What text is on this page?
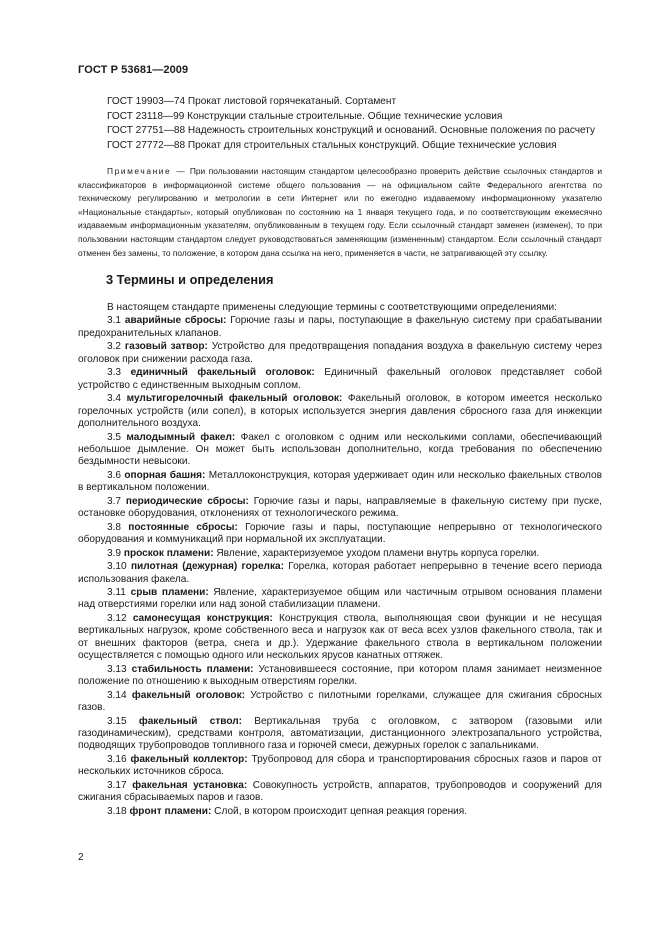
ГОСТ Р 53681—2009
ГОСТ 19903—74 Прокат листовой горячекатаный. Сортамент
ГОСТ 23118—99 Конструкции стальные строительные. Общие технические условия
ГОСТ 27751—88 Надежность строительных конструкций и оснований. Основные положения по расчету
ГОСТ 27772—88 Прокат для строительных стальных конструкций. Общие технические условия
Примечание — При пользовании настоящим стандартом целесообразно проверить действие ссылочных стандартов и классификаторов в информационной системе общего пользования — на официальном сайте Федерального агентства по техническому регулированию и метрологии в сети Интернет или по ежегодно издаваемому информационному указателю «Национальные стандарты», который опубликован по состоянию на 1 января текущего года, и по соответствующим ежемесячно издаваемым информационным указателям, опубликованным в текущем году. Если ссылочный стандарт заменен (изменен), то при пользовании настоящим стандартом следует руководствоваться заменяющим (измененным) стандартом. Если ссылочный стандарт отменен без замены, то положение, в котором дана ссылка на него, применяется в части, не затрагивающей эту ссылку.
3 Термины и определения

В настоящем стандарте применены следующие термины с соответствующими определениями:

3.1 аварийные сбросы: Горючие газы и пары, поступающие в факельную систему при срабатывании предохранительных клапанов.

3.2 газовый затвор: Устройство для предотвращения попадания воздуха в факельную систему через оголовок при снижении расхода газа.

3.3 единичный факельный оголовок: Единичный факельный оголовок представляет собой устройство с единственным выходным соплом.

3.4 мультигорелочный факельный оголовок: Факельный оголовок, в котором имеется несколько горелочных устройств (или сопел), в которых используется энергия давления сбросного газа для инжекции дополнительного воздуха.

3.5 малодымный факел: Факел с оголовком с одним или несколькими соплами, обеспечивающий небольшое дымление. Он может быть использован дополнительно, когда требования по обеспечению бездымности невысоки.

3.6 опорная башня: Металлоконструкция, которая удерживает один или несколько факельных стволов в вертикальном положении.

3.7 периодические сбросы: Горючие газы и пары, направляемые в факельную систему при пуске, остановке оборудования, отклонениях от технологического режима.

3.8 постоянные сбросы: Горючие газы и пары, поступающие непрерывно от технологического оборудования и коммуникаций при нормальной их эксплуатации.

3.9 проскок пламени: Явление, характеризуемое уходом пламени внутрь корпуса горелки.

3.10 пилотная (дежурная) горелка: Горелка, которая работает непрерывно в течение всего периода использования факела.

3.11 срыв пламени: Явление, характеризуемое общим или частичным отрывом основания пламени над отверстиями горелки или над зоной стабилизации пламени.

3.12 самонесущая конструкция: Конструкция ствола, выполняющая свои функции и не несущая вертикальных нагрузок, кроме собственного веса и нагрузок как от веса всех узлов факельного ствола, так и от внешних факторов (ветра, снега и др.). Удержание факельного ствола в вертикальном положении осуществляется с помощью одного или нескольких ярусов канатных оттяжек.

3.13 стабильность пламени: Установившееся состояние, при котором пламя занимает неизменное положение по отношению к выходным отверстиям горелки.

3.14 факельный оголовок: Устройство с пилотными горелками, служащее для сжигания сбросных газов.

3.15 факельный ствол: Вертикальная труба с оголовком, с затвором (газовыми или газодинамическим), средствами контроля, автоматизации, дистанционного электрозапального устройства, подводящих трубопроводов топливного газа и горючей смеси, дежурных горелок с запальниками.

3.16 факельный коллектор: Трубопровод для сбора и транспортирования сбросных газов и паров от нескольких источников сброса.

3.17 факельная установка: Совокупность устройств, аппаратов, трубопроводов и сооружений для сжигания сбрасываемых паров и газов.

3.18 фронт пламени: Слой, в котором происходит цепная реакция горения.

2
